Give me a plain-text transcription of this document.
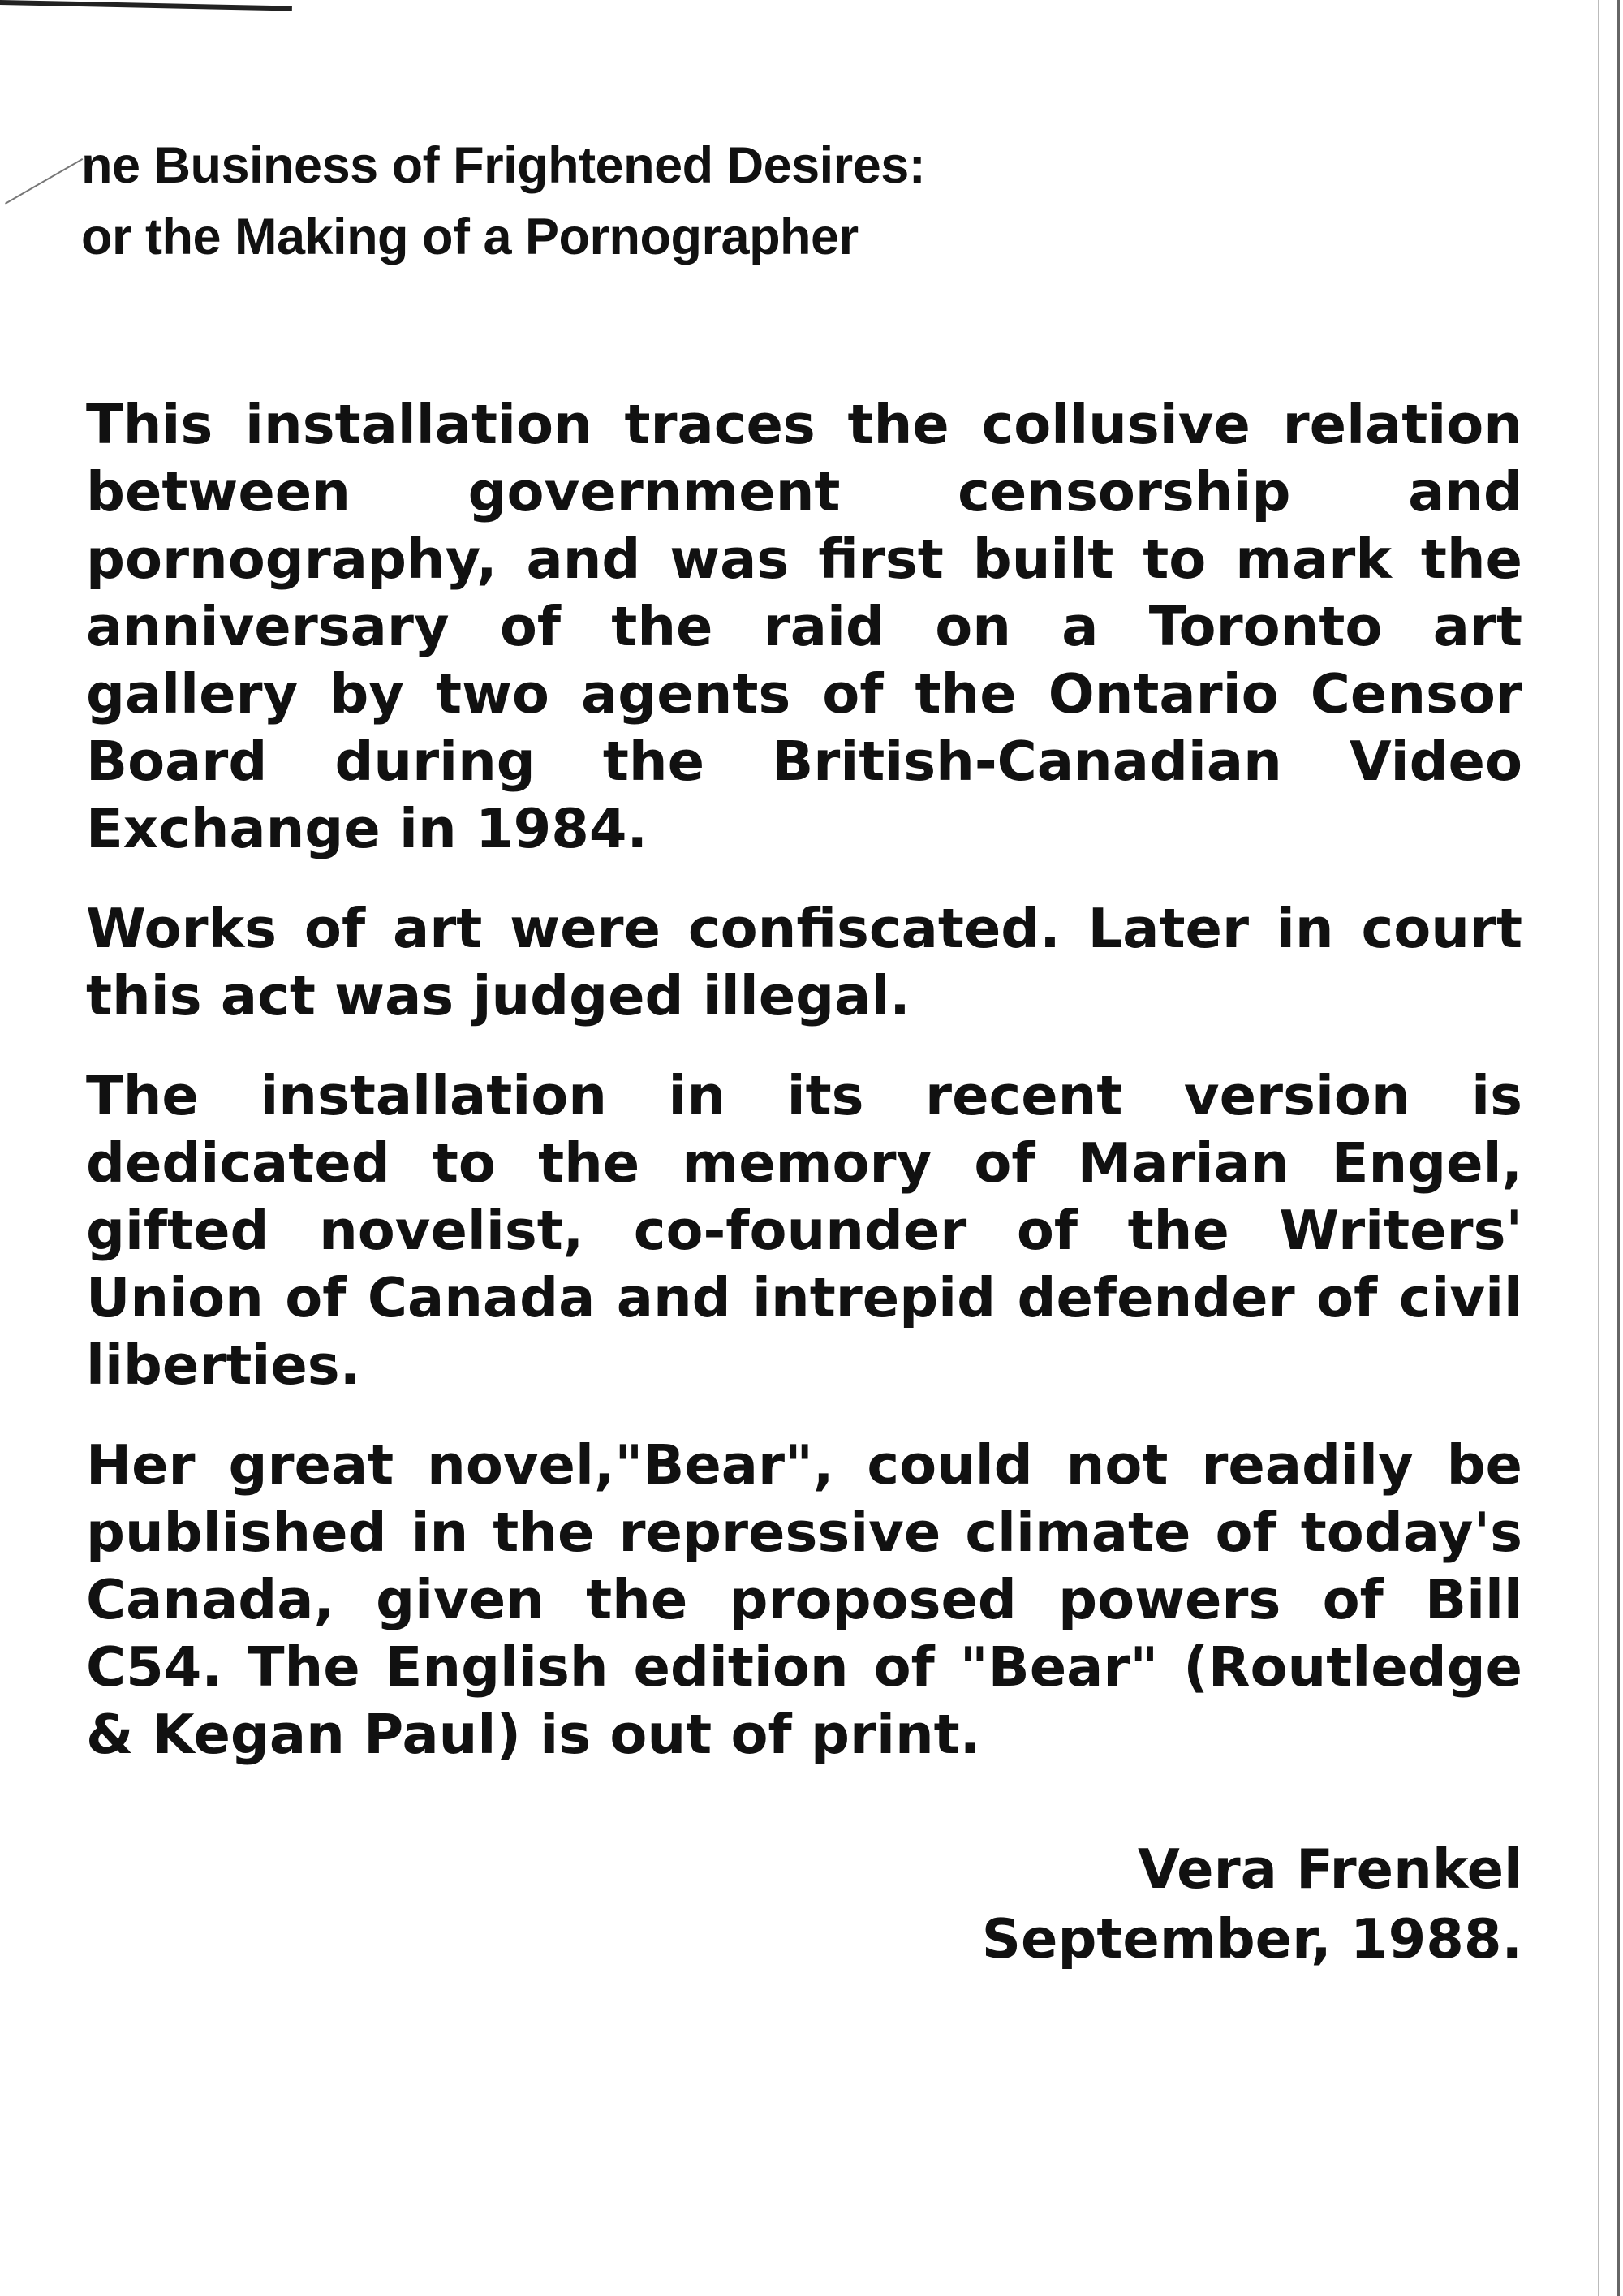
ne Business of Frightened Desires:
or the Making of a Pornographer

This installation traces the collusive relation between government censorship and pornography, and was first built to mark the anniversary of the raid on a Toronto art gallery by two agents of the Ontario Censor Board during the British-Canadian Video Exchange in 1984.

Works of art were confiscated. Later in court this act was judged illegal.

The installation in its recent version is dedicated to the memory of Marian Engel, gifted novelist, co-founder of the Writers' Union of Canada and intrepid defender of civil liberties.

Her great novel,"Bear", could not readily be published in the repressive climate of today's Canada, given the proposed powers of Bill C54. The English edition of "Bear" (Routledge & Kegan Paul) is out of print.

Vera Frenkel
September, 1988.
